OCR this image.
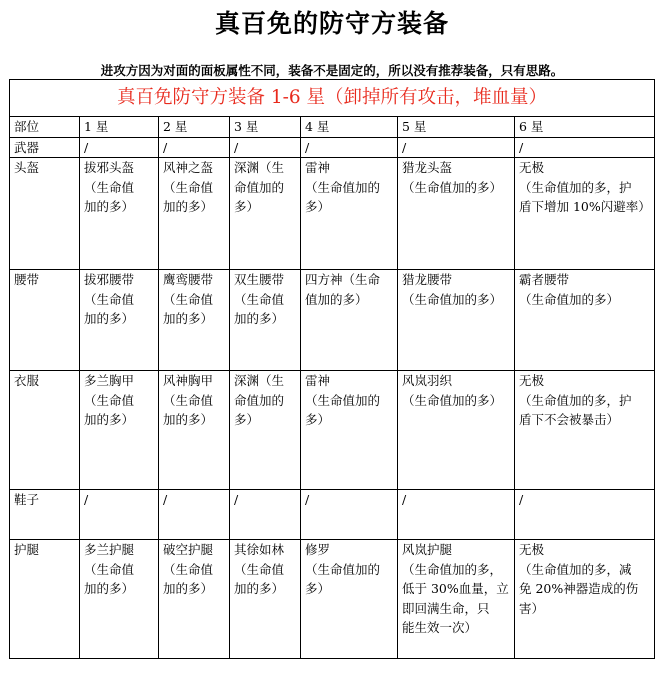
真百免的防守方装备
进攻方因为对面的面板属性不同，装备不是固定的，所以没有推荐装备，只有思路。
真百免防守方装备 1-6 星（卸掉所有攻击，堆血量）						
部位	1 星	2 星	3 星	4 星	5 星	6 星
武器	/	/	/	/	/	/

头盔	拔邪头盔
（生命值
加的多）	风神之盔
（生命值
加的多）	深渊（生
命值加的
多）	雷神
（生命值加的
多）	猎龙头盔
（生命值加的多）	无极
（生命值加的多，护
盾下增加 10%闪避率）

腰带	拔邪腰带
（生命值
加的多）	鹰鸾腰带
（生命值
加的多）	双生腰带
（生命值
加的多）	四方神（生命
值加的多）	猎龙腰带
（生命值加的多）	霸者腰带
（生命值加的多）

衣服	多兰胸甲
（生命值
加的多）	风神胸甲
（生命值
加的多）	深渊（生
命值加的
多）	雷神
（生命值加的
多）	风岚羽织
（生命值加的多）	无极
（生命值加的多，护
盾下不会被暴击）

鞋子	/	/	/	/	/	/

护腿	多兰护腿
（生命值
加的多）	破空护腿
（生命值
加的多）	其徐如林
（生命值
加的多）	修罗
（生命值加的
多）	风岚护腿
（生命值加的多，
低于 30%血量，立
即回满生命，只
能生效一次）	无极
（生命值加的多，减
免 20%神器造成的伤
害）
